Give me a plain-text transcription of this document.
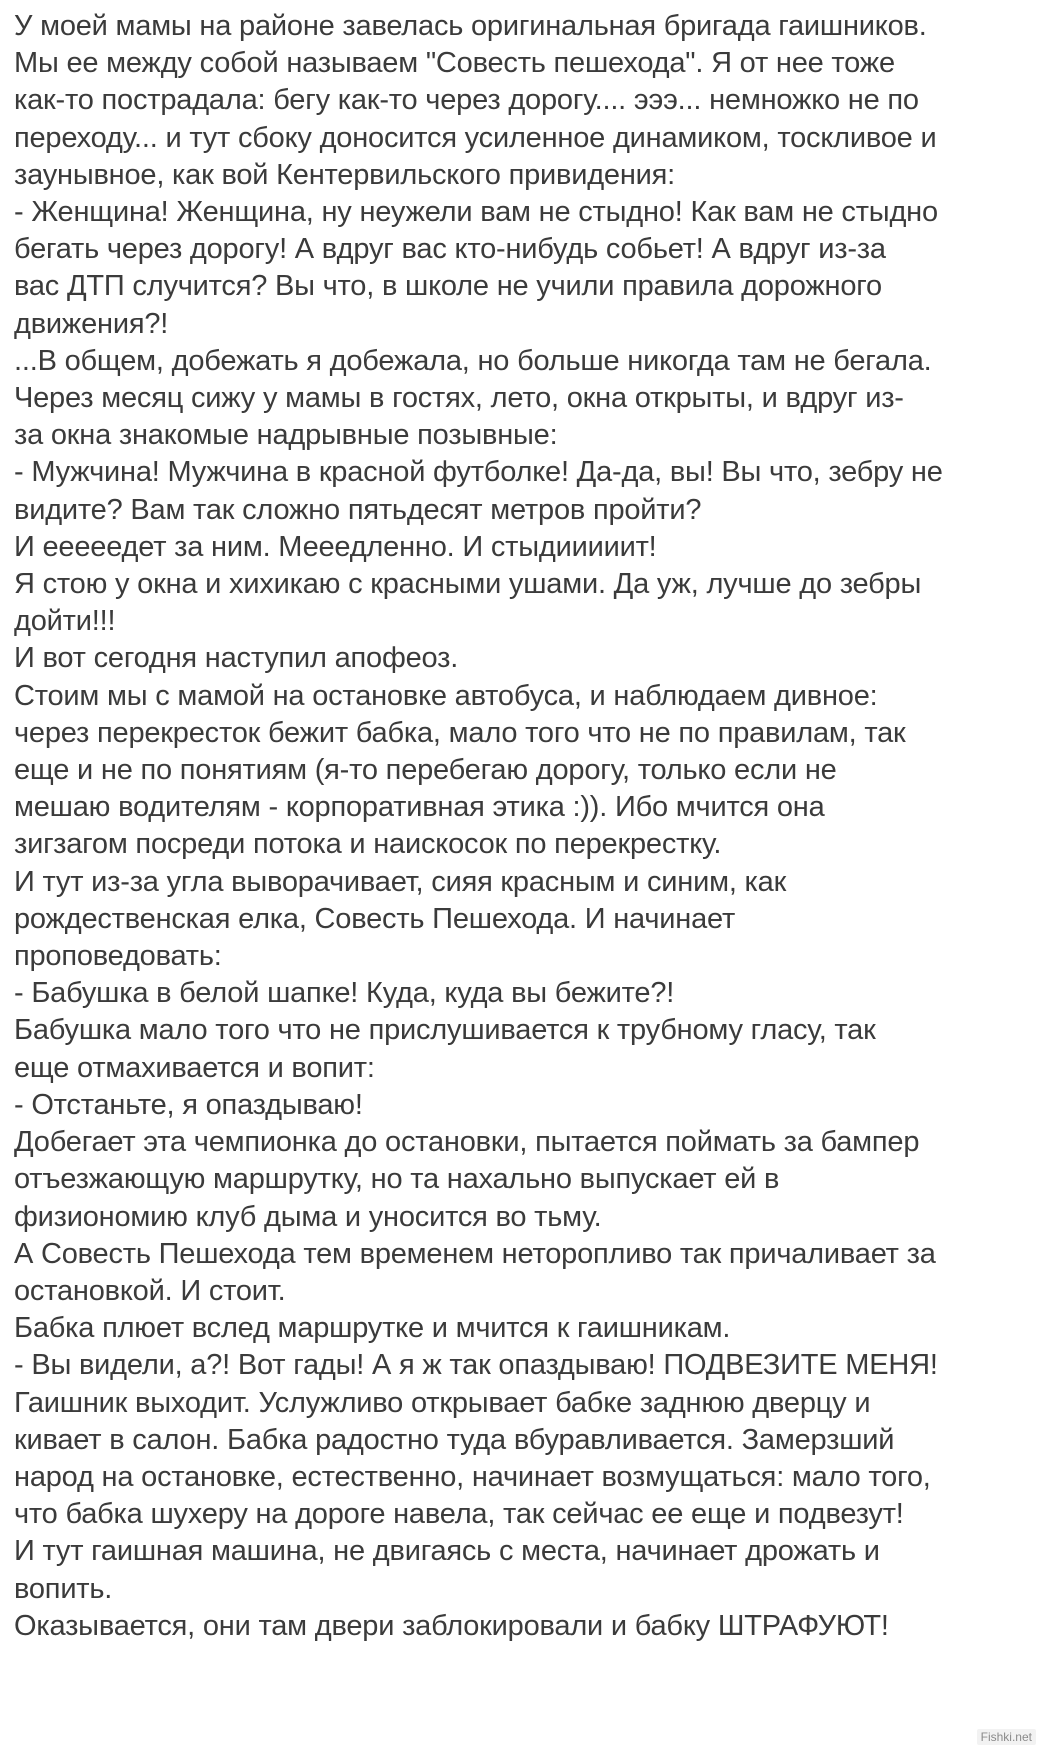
У моей мамы на районе завелась оригинальная бригада гаишников.
Мы ее между собой называем "Совесть пешехода". Я от нее тоже
как-то пострадала: бегу как-то через дорогу.... эээ... немножко не по
переходу... и тут сбоку доносится усиленное динамиком, тоскливое и
заунывное, как вой Кентервильского привидения:
- Женщина! Женщина, ну неужели вам не стыдно! Как вам не стыдно
бегать через дорогу! А вдруг вас кто-нибудь собьет! А вдруг из-за
вас ДТП случится? Вы что, в школе не учили правила дорожного
движения?!
...В общем, добежать я добежала, но больше никогда там не бегала.
Через месяц сижу у мамы в гостях, лето, окна открыты, и вдруг из-
за окна знакомые надрывные позывные:
- Мужчина! Мужчина в красной футболке! Да-да, вы! Вы что, зебру не
видите? Вам так сложно пятьдесят метров пройти?
И ееееедет за ним. Мееедленно. И стыдииииит!
Я стою у окна и хихикаю с красными ушами. Да уж, лучше до зебры
дойти!!!
И вот сегодня наступил апофеоз.
Стоим мы с мамой на остановке автобуса, и наблюдаем дивное:
через перекресток бежит бабка, мало того что не по правилам, так
еще и не по понятиям (я-то перебегаю дорогу, только если не
мешаю водителям - корпоративная этика :)). Ибо мчится она
зигзагом посреди потока и наискосок по перекрестку.
И тут из-за угла выворачивает, сияя красным и синим, как
рождественская елка, Совесть Пешехода. И начинает
проповедовать:
- Бабушка в белой шапке! Куда, куда вы бежите?!
Бабушка мало того что не прислушивается к трубному гласу, так
еще отмахивается и вопит:
- Отстаньте, я опаздываю!
Добегает эта чемпионка до остановки, пытается поймать за бампер
отъезжающую маршрутку, но та нахально выпускает ей в
физиономию клуб дыма и уносится во тьму.
А Совесть Пешехода тем временем неторопливо так причаливает за
остановкой. И стоит.
Бабка плюет вслед маршрутке и мчится к гаишникам.
- Вы видели, а?! Вот гады! А я ж так опаздываю! ПОДВЕЗИТЕ МЕНЯ!
Гаишник выходит. Услужливо открывает бабке заднюю дверцу и
кивает в салон. Бабка радостно туда вбуравливается. Замерзший
народ на остановке, естественно, начинает возмущаться: мало того,
что бабка шухеру на дороге навела, так сейчас ее еще и подвезут!
И тут гаишная машина, не двигаясь с места, начинает дрожать и
вопить.
Оказывается, они там двери заблокировали и бабку ШТРАФУЮТ!
Fishki.net
